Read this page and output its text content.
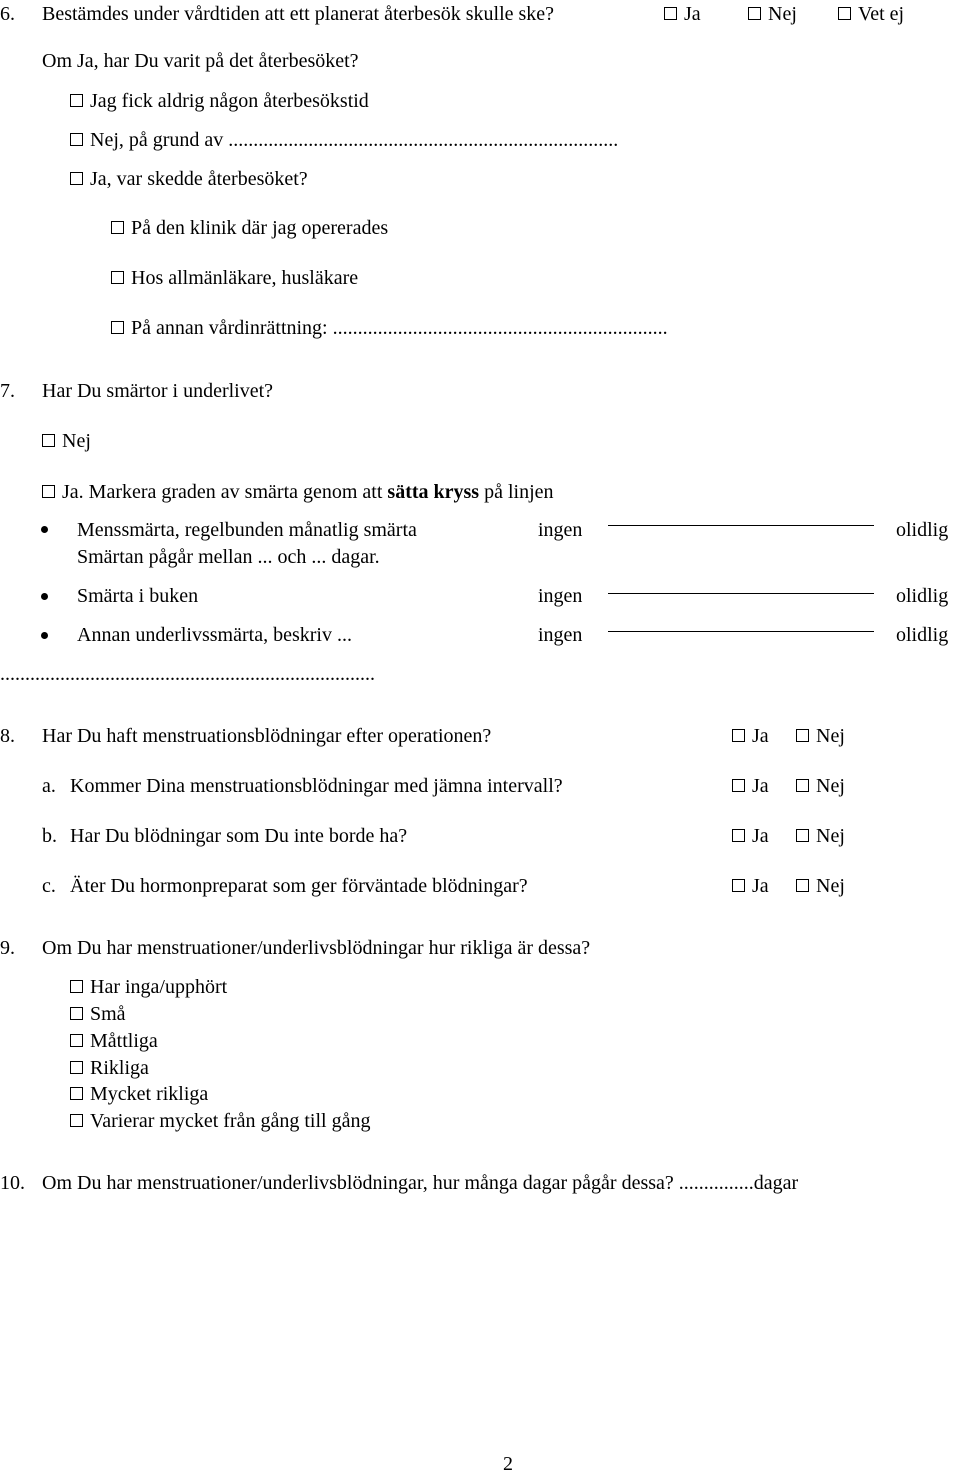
6. Bestämdes under vårdtiden att ett planerat återbesök skulle ske?	Ja	Nej	Vet ej
Om Ja, har Du varit på det återbesöket?
Jag fick aldrig någon återbesökstid
Nej, på grund av ..............................................................................
Ja, var skedde återbesöket?
På den klinik där jag opererades
Hos allmänläkare, husläkare
På annan vårdinrättning: ...................................................................
7. Har Du smärtor i underlivet?
Nej
Ja. Markera graden av smärta genom att sätta kryss på linjen
Menssmärta, regelbunden månatlig smärta	ingen	olidlig
Smärtan pågår mellan ... och ... dagar.
Smärta i buken	ingen	olidlig
Annan underlivssmärta, beskriv ...	ingen	olidlig
...........................................................................
8. Har Du haft menstruationsblödningar efter operationen?	Ja	Nej
a. Kommer Dina menstruationsblödningar med jämna intervall?	Ja	Nej
b. Har Du blödningar som Du inte borde ha?	Ja	Nej
c. Äter Du hormonpreparat som ger förväntade blödningar?	Ja	Nej
9. Om Du har menstruationer/underlivsblödningar hur rikliga är dessa?
Har inga/upphört
Små
Måttliga
Rikliga
Mycket rikliga
Varierar mycket från gång till gång
10. Om Du har menstruationer/underlivsblödningar, hur många dagar pågår dessa? ...............dagar
2
